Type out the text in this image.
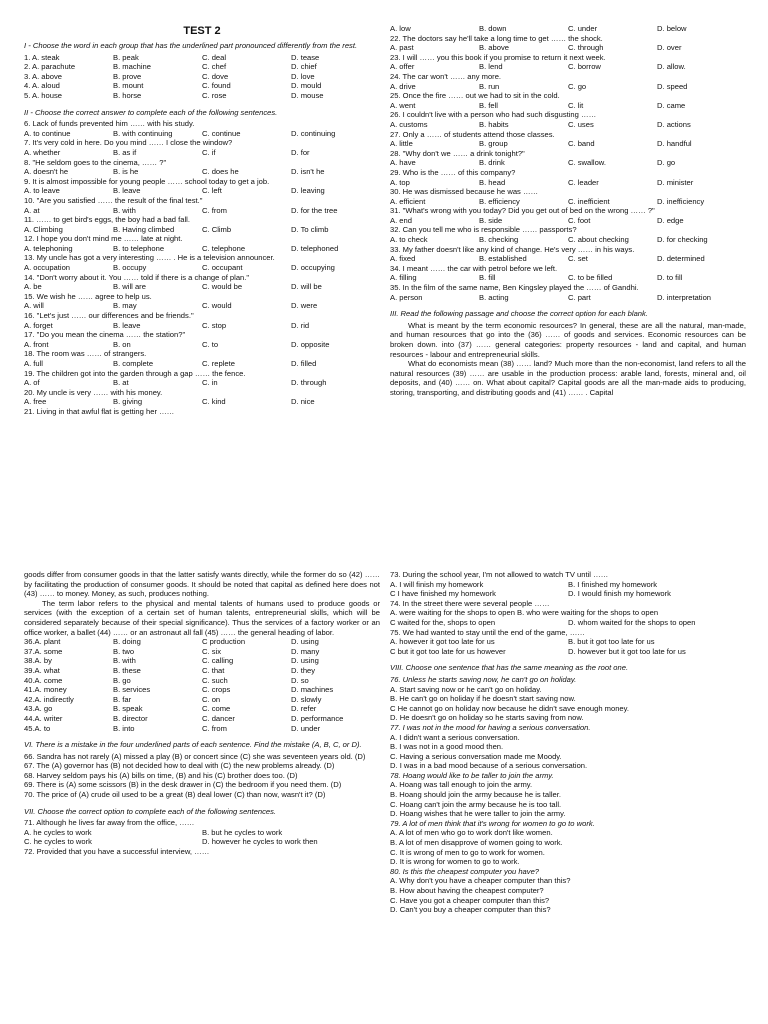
TEST 2
I - Choose the word in each group that has the underlined part pronounced differently from the rest.
1. A. steak	B. peak	C. deal	D. tease
2. A. parachute	B. machine	C. chef	D. chief
3. A. above	B. prove	C. dove	D. love
4. A. aloud	B. mount	C. found	D. mould
5. A. house	B. horse	C. rose	D. mouse
II - Choose the correct answer to complete each of the following sentences.
6. Lack of funds prevented him …… with his study.
A. to continue	B. with continuing	C. continue	D. continuing
7. It's very cold in here. Do you mind …… I close the window?
A. whether	B. as if	C. if	D. for
8. "He seldom goes to the cinema, …… ?"
A. doesn't he	B. is he	C. does he	D. isn't he
9. It is almost impossible for young people …… school today to get a job.
A. to leave	B. leave	C. left	D. leaving
10. "Are you satisfied …… the result of the final test."
A. at	B. with	C. from	D. for the tree
11. …… to get bird's eggs, the boy had a bad fall.
A. Climbing	B. Having climbed	C. Climb	D. To climb
12. I hope you don't mind me …… late at night.
A. telephoning	B. to telephone	C. telephone	D. telephoned
13. My uncle has got a very interesting …… . He is a television announcer.
A. occupation	B. occupy	C. occupant	D. occupying
14. "Don't worry about it. You …… told if there is a change of plan."
A. be	B. will are	C. would be	D. will be
15. We wish he …… agree to help us.
A. will	B. may	C. would	D. were
16. "Let's just …… our differences and be friends."
A. forget	B. leave	C. stop	D. rid
17. "Do you mean the cinema …… the station?"
A. front	B. on	C. to	D. opposite
18. The room was …… of strangers.
A. full	B. complete	C. replete	D. filled
19. The children got into the garden through a gap …… the fence.
A. of	B. at	C. in	D. through
20. My uncle is very …… with his money.
A. free	B. giving	C. kind	D. nice
21. Living in that awful flat is getting her ……
A. low	B. down	C. under	D. below
22. The doctors say he'll take a long time to get …… the shock.
A. past	B. above	C. through	D. over
23. I will …… you this book if you promise to return it next week.
A. offer	B. lend	C. borrow	D. allow.
24. The car won't …… any more.
A. drive	B. run	C. go	D. speed
25. Once the fire …… out we had to sit in the cold.
A. went	B. fell	C. lit	D. came
26. I couldn't live with a person who had such disgusting ……
A. customs	B. habits	C. uses	D. actions
27. Only a …… of students attend those classes.
A. little	B. group	C. band	D. handful
28. "Why don't we …… a drink tonight?"
A. have	B. drink	C. swallow.	D. go
29. Who is the …… of this company?
A. top	B. head	C. leader	D. minister
30. He was dismissed because he was ……
A. efficient	B. efficiency	C. inefficient	D. inefficiency
31. "What's wrong with you today? Did you get out of bed on the wrong …… ?"
A. end	B. side	C. foot	D. edge
32. Can you tell me who is responsible …… passports?
A. to check	B. checking	C. about checking	D. for checking
33. My father doesn't like any kind of change. He's very …… in his ways.
A. fixed	B. established	C. set	D. determined
34. I meant …… the car with petrol before we left.
A. filling	B. fill	C. to be filled	D. to fill
35. In the film of the same name, Ben Kingsley played the …… of Gandhi.
A. person	B. acting	C. part	D. interpretation
III. Read the following passage and choose the correct option for each blank.
What is meant by the term economic resources? In general, these are all the natural, man-made, and human resources that go into the (36) …… of goods and services. Economic resources can be broken down. into (37) …… general categories: property resources - land and capital, and human resources - labour and entrepreneurial skills.
What do economists mean (38) …… land? Much more than the non-economist, land refers to all the natural resources (39) …… are usable in the production process: arable land, forests, mineral and, oil deposits, and (40) …… on. What about capital? Capital goods are all the man-made aids to producing, storing, transporting, and distributing goods and (41) …… . Capital
goods differ from consumer goods in that the latter satisfy wants directly, while the former do so (42) …… by facilitating the production of consumer goods. It should be noted that capital as defined here does not (43) …… to money. Money, as such, produces nothing.
The term labor refers to the physical and mental talents of humans used to produce goods or services (with the exception of a certain set of human talents, entrepreneurial skills, which will be considered separately because of their special significance). Thus the services of a factory worker or an office worker, a ballet (44) …… or an astronaut all fall (45) …… the general heading of labor.
36.A. plant	B. doing	C production	D. using
37.A. some	B. two	C. six	D. many
38.A. by	B. with	C. calling	D. using
39.A. what	B. these	C. that	D. they
40.A. come	B. go	C. such	D. so
41.A. money	B. services	C. crops	D. machines
42.A. indirectly	B. far	C. on	D. slowly
43.A. go	B. speak	C. come	D. refer
44.A. writer	B. director	C. dancer	D. performance
45.A. to	B. into	C. from	D. under
VI. There is a mistake in the four underlined parts of each sentence. Find the mistake (A, B, C, or D).
66. Sandra has not rarely (A) missed a play (B) or concert since (C) she was seventeen years old. (D)
67. The (A) governor has (B) not decided how to deal with (C) the new problems already. (D)
68. Harvey seldom pays his (A) bills on time, (B) and his (C) brother does too. (D)
69. There is (A) some scissors (B) in the desk drawer in (C) the bedroom if you need them. (D)
70. The price of (A) crude oil used to be a great (B) deal lower (C) than now, wasn't it? (D)
VII. Choose the correct option to complete each of the following sentences.
71. Although he lives far away from the office, ……
A. he cycles to work	B. but he cycles to work
C. he cycles to work	D. however he cycles to work then
72. Provided that you have a successful interview, ……
73. During the school year, I'm not allowed to watch TV until ……
A. I will finish my homework	B. I finished my homework
C I have finished my homework	D. I would finish my homework
74. In the street there were several people ……
A. were waiting for the shops to open B. who were waiting for the shops to open
C waited for the, shops to open	D. whom waited for the shops to open
75. We had wanted to stay until the end of the game, ……
A. however it got too late for us	B. but it got too late for us
C but it got too late for us however	D. however but it got too late for us
VIII. Choose one sentence that has the same meaning as the root one.
76. Unless he starts saving now, he can't go on holiday.
A. Start saving now or he can't go on holiday.
B. He can't go on holiday if he doesn't start saving now.
C He cannot go on holiday now because he didn't save enough money.
D. He doesn't go on holiday so he starts saving from now.
77. I was not in the mood for having a serious conversation.
A. I didn't want a serious conversation.
B. I was not in a good mood then.
C. Having a serious conversation made me Moody.
D. I was in a bad mood because of a serious conversation.
78. Hoang would like to be taller to join the army.
A. Hoang was tall enough to join the army.
B. Hoang should join the army because he is taller.
C. Hoang can't join the army because he is too tall.
D. Hoang wishes that he were taller to join the army.
79. A lot of men think that it's wrong for women to go to work.
A. A lot of men who go to work don't like women.
B. A lot of men disapprove of women going to work.
C. It is wrong of men to go to work for women.
D. It is wrong for women to go to work.
80. Is this the cheapest computer you have?
A. Why don't you have a cheaper computer than this?
B. How about having the cheapest computer?
C. Have you got a cheaper computer than this?
D. Can't you buy a cheaper computer than this?
